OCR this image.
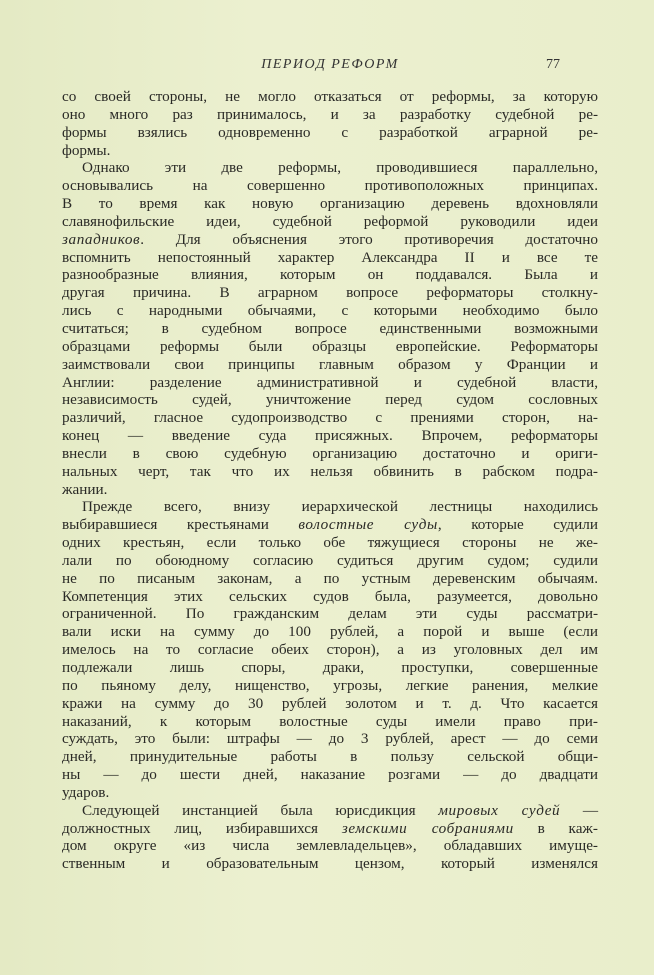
ПЕРИОД РЕФОРМ	77
со своей стороны, не могло отказаться от реформы, за которую
оно много раз принималось, и за разработку судебной ре-
формы взялись одновременно с разработкой аграрной ре-
формы.
Однако эти две реформы, проводившиеся параллельно,
основывались на совершенно противоположных принципах.
В то время как новую организацию деревень вдохновляли
славянофильские идеи, судебной реформой руководили идеи
западников. Для объяснения этого противоречия достаточно
вспомнить непостоянный характер Александра II и все те
разнообразные влияния, которым он поддавался. Была и
другая причина. В аграрном вопросе реформаторы столкну-
лись с народными обычаями, с которыми необходимо было
считаться; в судебном вопросе единственными возможными
образцами реформы были образцы европейские. Реформаторы
заимствовали свои принципы главным образом у Франции и
Англии: разделение административной и судебной власти,
независимость судей, уничтожение перед судом сословных
различий, гласное судопроизводство с прениями сторон, на-
конец — введение суда присяжных. Впрочем, реформаторы
внесли в свою судебную организацию достаточно и ориги-
нальных черт, так что их нельзя обвинить в рабском подра-
жании.
Прежде всего, внизу иерархической лестницы находились
выбиравшиеся крестьянами волостные суды, которые судили
одних крестьян, если только обе тяжущиеся стороны не же-
лали по обоюдному согласию судиться другим судом; судили
не по писаным законам, а по устным деревенским обычаям.
Компетенция этих сельских судов была, разумеется, довольно
ограниченной. По гражданским делам эти суды рассматри-
вали иски на сумму до 100 рублей, а порой и выше (если
имелось на то согласие обеих сторон), а из уголовных дел им
подлежали лишь споры, драки, проступки, совершенные
по пьяному делу, нищенство, угрозы, легкие ранения, мелкие
кражи на сумму до 30 рублей золотом и т. д. Что касается
наказаний, к которым волостные суды имели право при-
суждать, это были: штрафы — до 3 рублей, арест — до семи
дней, принудительные работы в пользу сельской общи-
ны — до шести дней, наказание розгами — до двадцати
ударов.
Следующей инстанцией была юрисдикция мировых судей —
должностных лиц, избиравшихся земскими собраниями в каж-
дом округе «из числа землевладельцев», обладавших имуще-
ственным и образовательным цензом, который изменялся
